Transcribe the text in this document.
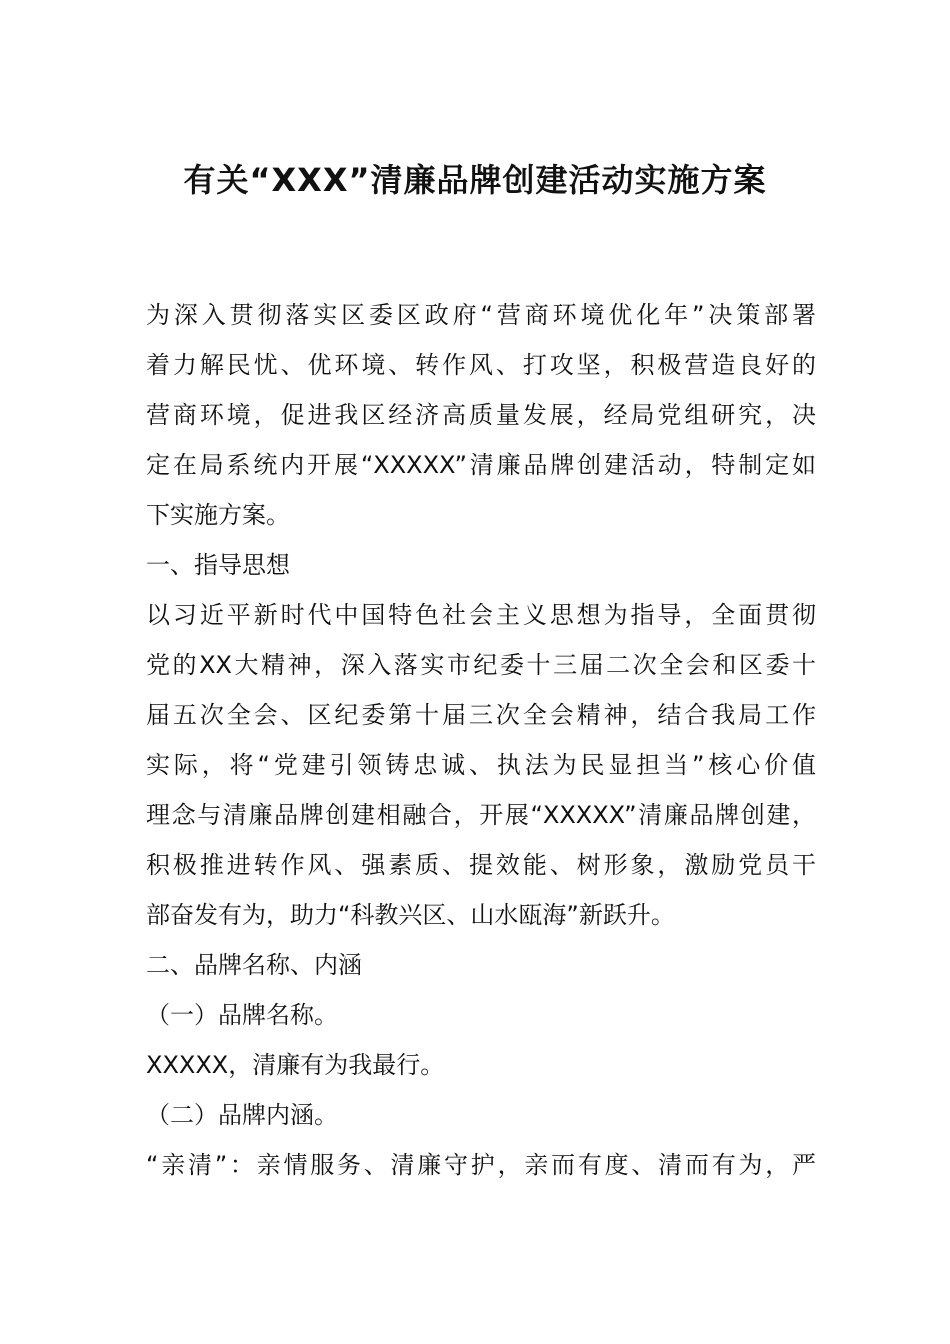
有关“XXX”清廉品牌创建活动实施方案
为深入贯彻落实区委区政府“营商环境优化年”决策部署
着力解民忧、优环境、转作风、打攻坚，积极营造良好的
营商环境，促进我区经济高质量发展，经局党组研究，决
定在局系统内开展“XXXXX”清廉品牌创建活动，特制定如
下实施方案。
一、指导思想
以习近平新时代中国特色社会主义思想为指导，全面贯彻
党的XX大精神，深入落实市纪委十三届二次全会和区委十
届五次全会、区纪委第十届三次全会精神，结合我局工作
实际，将“党建引领铸忠诚、执法为民显担当”核心价值
理念与清廉品牌创建相融合，开展“XXXXX”清廉品牌创建，
积极推进转作风、强素质、提效能、树形象，激励党员干
部奋发有为，助力“科教兴区、山水瓯海”新跃升。
二、品牌名称、内涵
（一）品牌名称。
XXXXX，清廉有为我最行。
（二）品牌内涵。
“亲清”：亲情服务、清廉守护，亲而有度、清而有为，严
